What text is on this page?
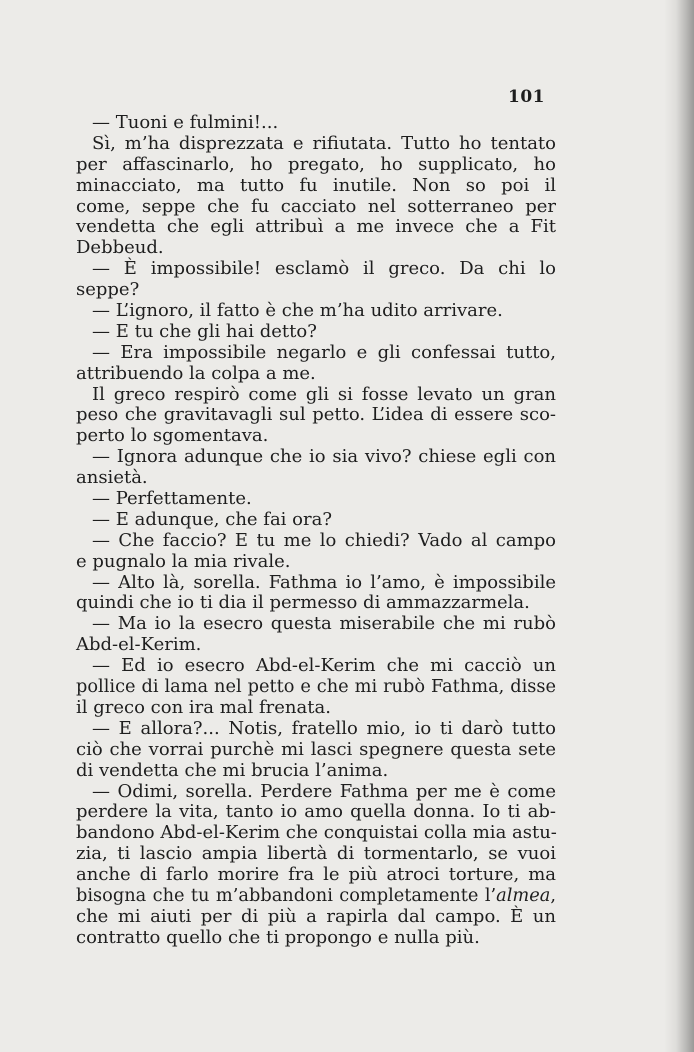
101
— Tuoni e fulmini!...
Sì, m’ha disprezzata e rifiutata. Tutto ho tentato
per affascinarlo, ho pregato, ho supplicato, ho
minacciato, ma tutto fu inutile. Non so poi il
come, seppe che fu cacciato nel sotterraneo per
vendetta che egli attribuì a me invece che a Fit
Debbeud.
— È impossibile! esclamò il greco. Da chi lo
seppe?
— L’ignoro, il fatto è che m’ha udito arrivare.
— E tu che gli hai detto?
— Era impossibile negarlo e gli confessai tutto,
attribuendo la colpa a me.
Il greco respirò come gli si fosse levato un gran
peso che gravitavagli sul petto. L’idea di essere sco-
perto lo sgomentava.
— Ignora adunque che io sia vivo? chiese egli con
ansietà.
— Perfettamente.
— E adunque, che fai ora?
— Che faccio? E tu me lo chiedi? Vado al campo
e pugnalo la mia rivale.
— Alto là, sorella. Fathma io l’amo, è impossibile
quindi che io ti dia il permesso di ammazzarmela.
— Ma io la esecro questa miserabile che mi rubò
Abd-el-Kerim.
— Ed io esecro Abd-el-Kerim che mi cacciò un
pollice di lama nel petto e che mi rubò Fathma, disse
il greco con ira mal frenata.
— E allora?... Notis, fratello mio, io ti darò tutto
ciò che vorrai purchè mi lasci spegnere questa sete
di vendetta che mi brucia l’anima.
— Odimi, sorella. Perdere Fathma per me è come
perdere la vita, tanto io amo quella donna. Io ti ab-
bandono Abd-el-Kerim che conquistai colla mia astu-
zia, ti lascio ampia libertà di tormentarlo, se vuoi
anche di farlo morire fra le più atroci torture, ma
bisogna che tu m’abbandoni completamente l’almea,
che mi aiuti per di più a rapirla dal campo. È un
contratto quello che ti propongo e nulla più.
